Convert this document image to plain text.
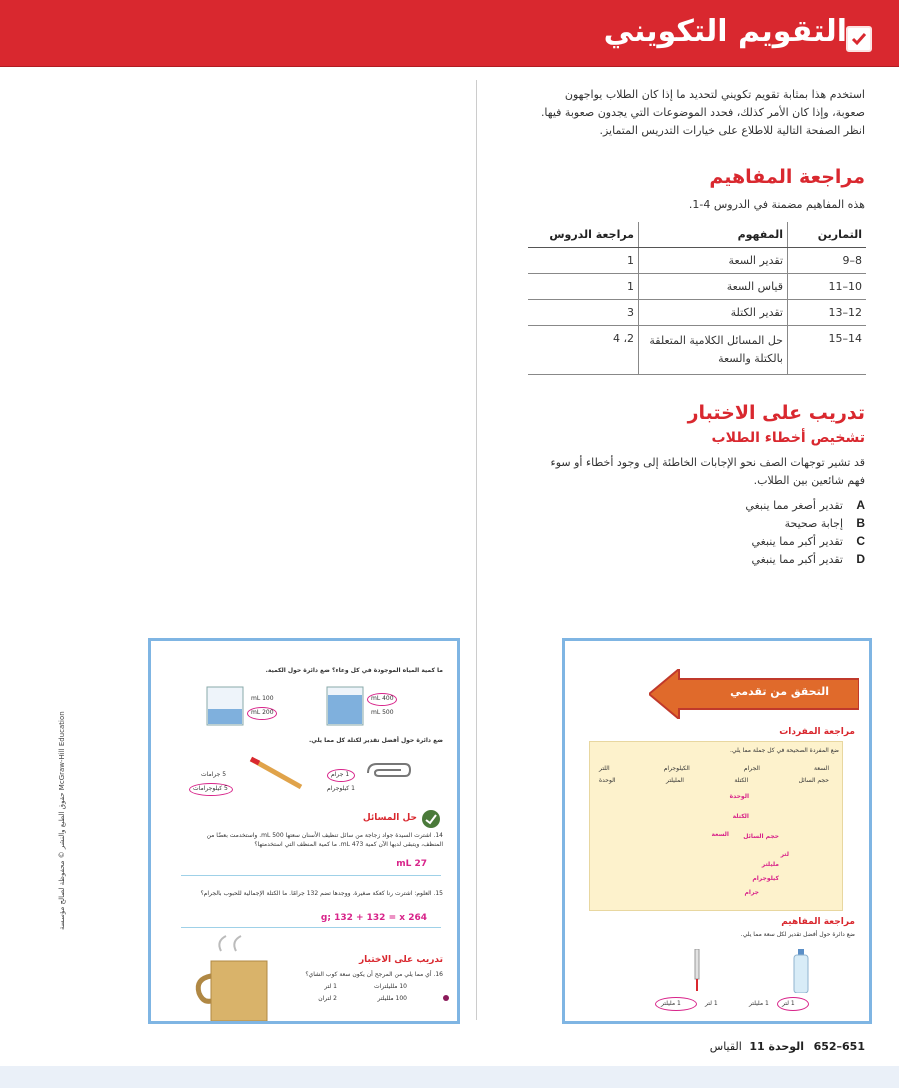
التقويم التكويني
استخدم هذا بمثابة تقويم تكويني لتحديد ما إذا كان الطلاب يواجهون
صعوبة، وإذا كان الأمر كذلك، فحدد الموضوعات التي يجدون صعوبة فيها.
انظر الصفحة التالية للاطلاع على خيارات التدريس المتمايز.
مراجعة المفاهيم
هذه المفاهيم مضمنة في الدروس 4-1.
التمارين	المفهوم	مراجعة الدروس
8–9	تقدير السعة	1
10–11	قياس السعة	1
12–13	تقدير الكتلة	3
14–15	حل المسائل الكلامية المتعلقة بالكتلة والسعة	2، 4
تدريب على الاختبار
تشخيص أخطاء الطلاب
قد تشير توجهات الصف نحو الإجابات الخاطئة إلى وجود أخطاء أو سوء
فهم شائعين بين الطلاب.
A
تقدير أصغر مما ينبغي
B
إجابة صحيحة
C
تقدير أكبر مما ينبغي
D
تقدير أكبر مما ينبغي
التحقق من تقدمي
مراجعة المفردات
ضع المفردة الصحيحة في كل جملة مما يلي.
السعة
الجرام
الكيلوجرام
اللتر
حجم السائل
الكتلة
المليلتر
الوحدة
الوحدة
الكتلة
السعة حجم السائل
لتر
مليلتر
كيلوجرام
جرام
مراجعة المفاهيم
ضع دائرة حول أفضل تقدير لكل سعة مما يلي.
1 لتر
1 مليلتر
1 لتر
1 مليلتر
ما كمية المياه الموجودة في كل وعاء؟ ضع دائرة حول الكمية.
400 mL
500 mL
100 mL
200 mL
ضع دائرة حول أفضل تقدير لكتلة كل مما يلي.
1 جرام
1 كيلوجرام
5 جرامات
5 كيلوجرامات
حل المسائل
14. اشترت السيدة جواد زجاجة من سائل تنظيف الأسنان سعتها 500 mL. واستخدمت بعضًا من المنظف، ويتبقى لديها الآن كمية 473 mL. ما كمية المنظف التي استخدمتها؟
27 mL
15. العلوم: اشترت رنا كعكة صغيرة. ووجدها تضم 132 جرامًا. ما الكتلة الإجمالية للحبوب بالجرام؟
264 g; 132 + 132 = x
تدريب على الاختبار
16. أي مما يلي من المرجح أن يكون سعة كوب الشاي؟
10 ملليلترات
1 لتر
100 ملليلتر
2 لتران
حقوق الطبع والنشر © محفوظة لصالح مؤسسة McGraw-Hill Education
651–652 الوحدة 11 القياس
